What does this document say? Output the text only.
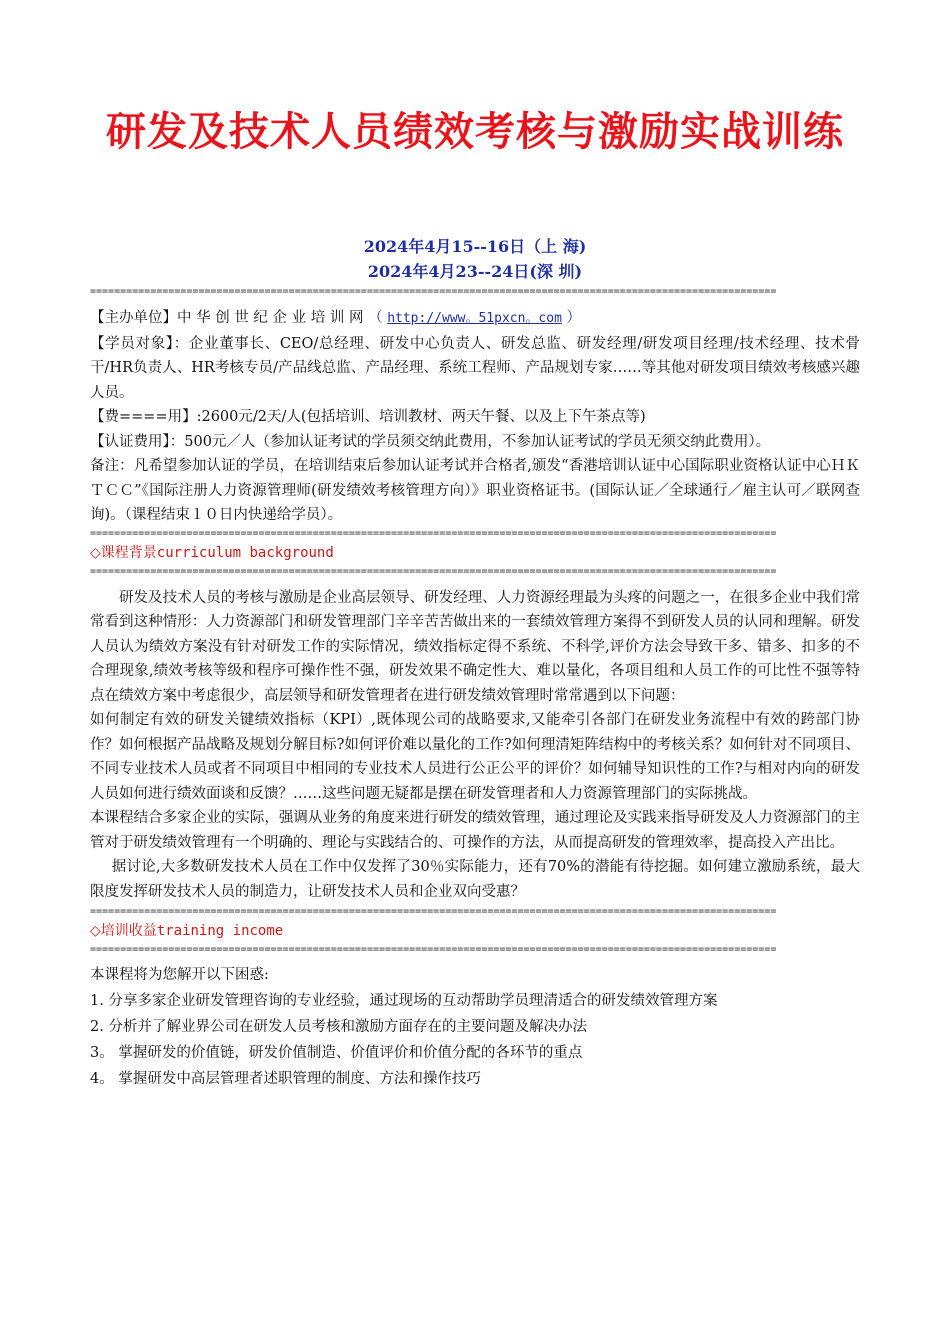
研发及技术人员绩效考核与激励实战训练
2024年4月15--16日（上 海)
2024年4月23--24日(深 圳)
==================================================================================================================

【主办单位】中 华 创 世 纪 企 业 培 训 网 （ http://www。51pxcn。com ）

【学员对象】：企业董事长、CEO/总经理、研发中心负责人、研发总监、研发经理/研发项目经理/技术经理、技术骨干/HR负责人、HR考核专员/产品线总监、产品经理、系统工程师、产品规划专家……等其他对研发项目绩效考核感兴趣人员。

【费====用】:2600元/2天/人(包括培训、培训教材、两天午餐、以及上下午茶点等)

【认证费用】：500元／人（参加认证考试的学员须交纳此费用，不参加认证考试的学员无须交纳此费用）。

备注：凡希望参加认证的学员，在培训结束后参加认证考试并合格者,颁发“香港培训认证中心国际职业资格认证中心ＨＫＴＣＣ”《国际注册人力资源管理师(研发绩效考核管理方向）》职业资格证书。(国际认证／全球通行／雇主认可／联网查询)。（课程结束１０日内快递给学员）。

==================================================================================================================
◇课程背景curriculum background
==================================================================================================================

研发及技术人员的考核与激励是企业高层领导、研发经理、人力资源经理最为头疼的问题之一，在很多企业中我们常常看到这种情形：人力资源部门和研发管理部门辛辛苦苦做出来的一套绩效管理方案得不到研发人员的认同和理解。研发人员认为绩效方案没有针对研发工作的实际情况，绩效指标定得不系统、不科学,评价方法会导致干多、错多、扣多的不合理现象,绩效考核等级和程序可操作性不强，研发效果不确定性大、难以量化，各项目组和人员工作的可比性不强等特点在绩效方案中考虑很少，高层领导和研发管理者在进行研发绩效管理时常常遇到以下问题：

如何制定有效的研发关键绩效指标（KPI）,既体现公司的战略要求,又能牵引各部门在研发业务流程中有效的跨部门协作？如何根据产品战略及规划分解目标?如何评价难以量化的工作?如何理清矩阵结构中的考核关系？如何针对不同项目、不同专业技术人员或者不同项目中相同的专业技术人员进行公正公平的评价？如何辅导知识性的工作?与相对内向的研发人员如何进行绩效面谈和反馈？……这些问题无疑都是摆在研发管理者和人力资源管理部门的实际挑战。

本课程结合多家企业的实际，强调从业务的角度来进行研发的绩效管理，通过理论及实践来指导研发及人力资源部门的主管对于研发绩效管理有一个明确的、理论与实践结合的、可操作的方法，从而提高研发的管理效率，提高投入产出比。

据讨论,大多数研发技术人员在工作中仅发挥了30％实际能力，还有70%的潜能有待挖掘。如何建立激励系统，最大限度发挥研发技术人员的制造力，让研发技术人员和企业双向受惠？

==================================================================================================================
◇培训收益training income
==================================================================================================================

本课程将为您解开以下困惑:

1. 分享多家企业研发管理咨询的专业经验，通过现场的互动帮助学员理清适合的研发绩效管理方案

2. 分析并了解业界公司在研发人员考核和激励方面存在的主要问题及解决办法

3。 掌握研发的价值链，研发价值制造、价值评价和价值分配的各环节的重点

4。 掌握研发中高层管理者述职管理的制度、方法和操作技巧
